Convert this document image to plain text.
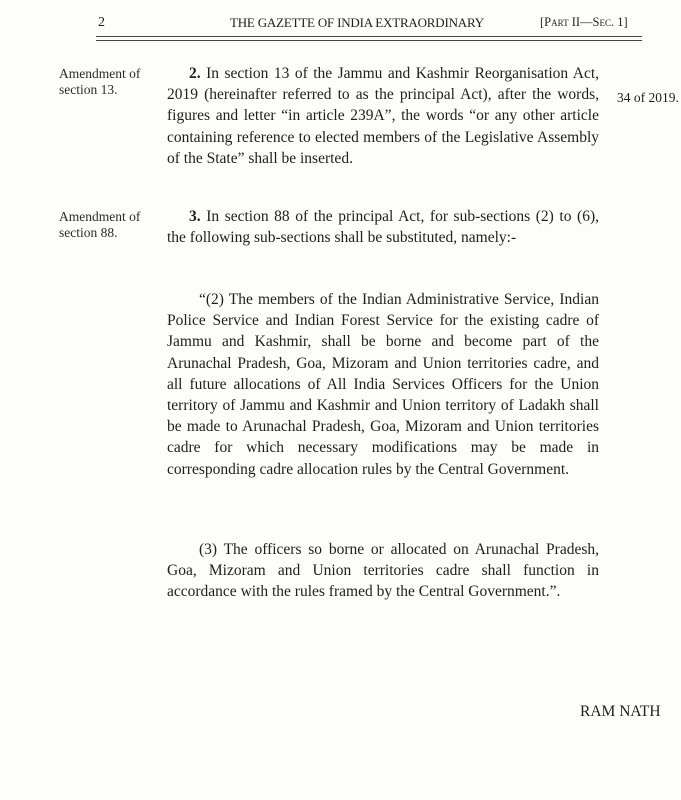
2	THE GAZETTE OF INDIA EXTRAORDINARY	[Part II—Sec. 1]
Amendment of section 13.
2. In section 13 of the Jammu and Kashmir Reorganisation Act, 2019 (hereinafter referred to as the principal Act), after the words, figures and letter “in article 239A”, the words “or any other article containing reference to elected members of the Legislative Assembly of the State” shall be inserted.
34 of 2019.
Amendment of section 88.
3. In section 88 of the principal Act, for sub-sections (2) to (6), the following sub-sections shall be substituted, namely:-
“(2) The members of the Indian Administrative Service, Indian Police Service and Indian Forest Service for the existing cadre of Jammu and Kashmir, shall be borne and become part of the Arunachal Pradesh, Goa, Mizoram and Union territories cadre, and all future allocations of All India Services Officers for the Union territory of Jammu and Kashmir and Union territory of Ladakh shall be made to Arunachal Pradesh, Goa, Mizoram and Union territories cadre for which necessary modifications may be made in corresponding cadre allocation rules by the Central Government.
(3) The officers so borne or allocated on Arunachal Pradesh, Goa, Mizoram and Union territories cadre shall function in accordance with the rules framed by the Central Government.”.
RAM NATH
